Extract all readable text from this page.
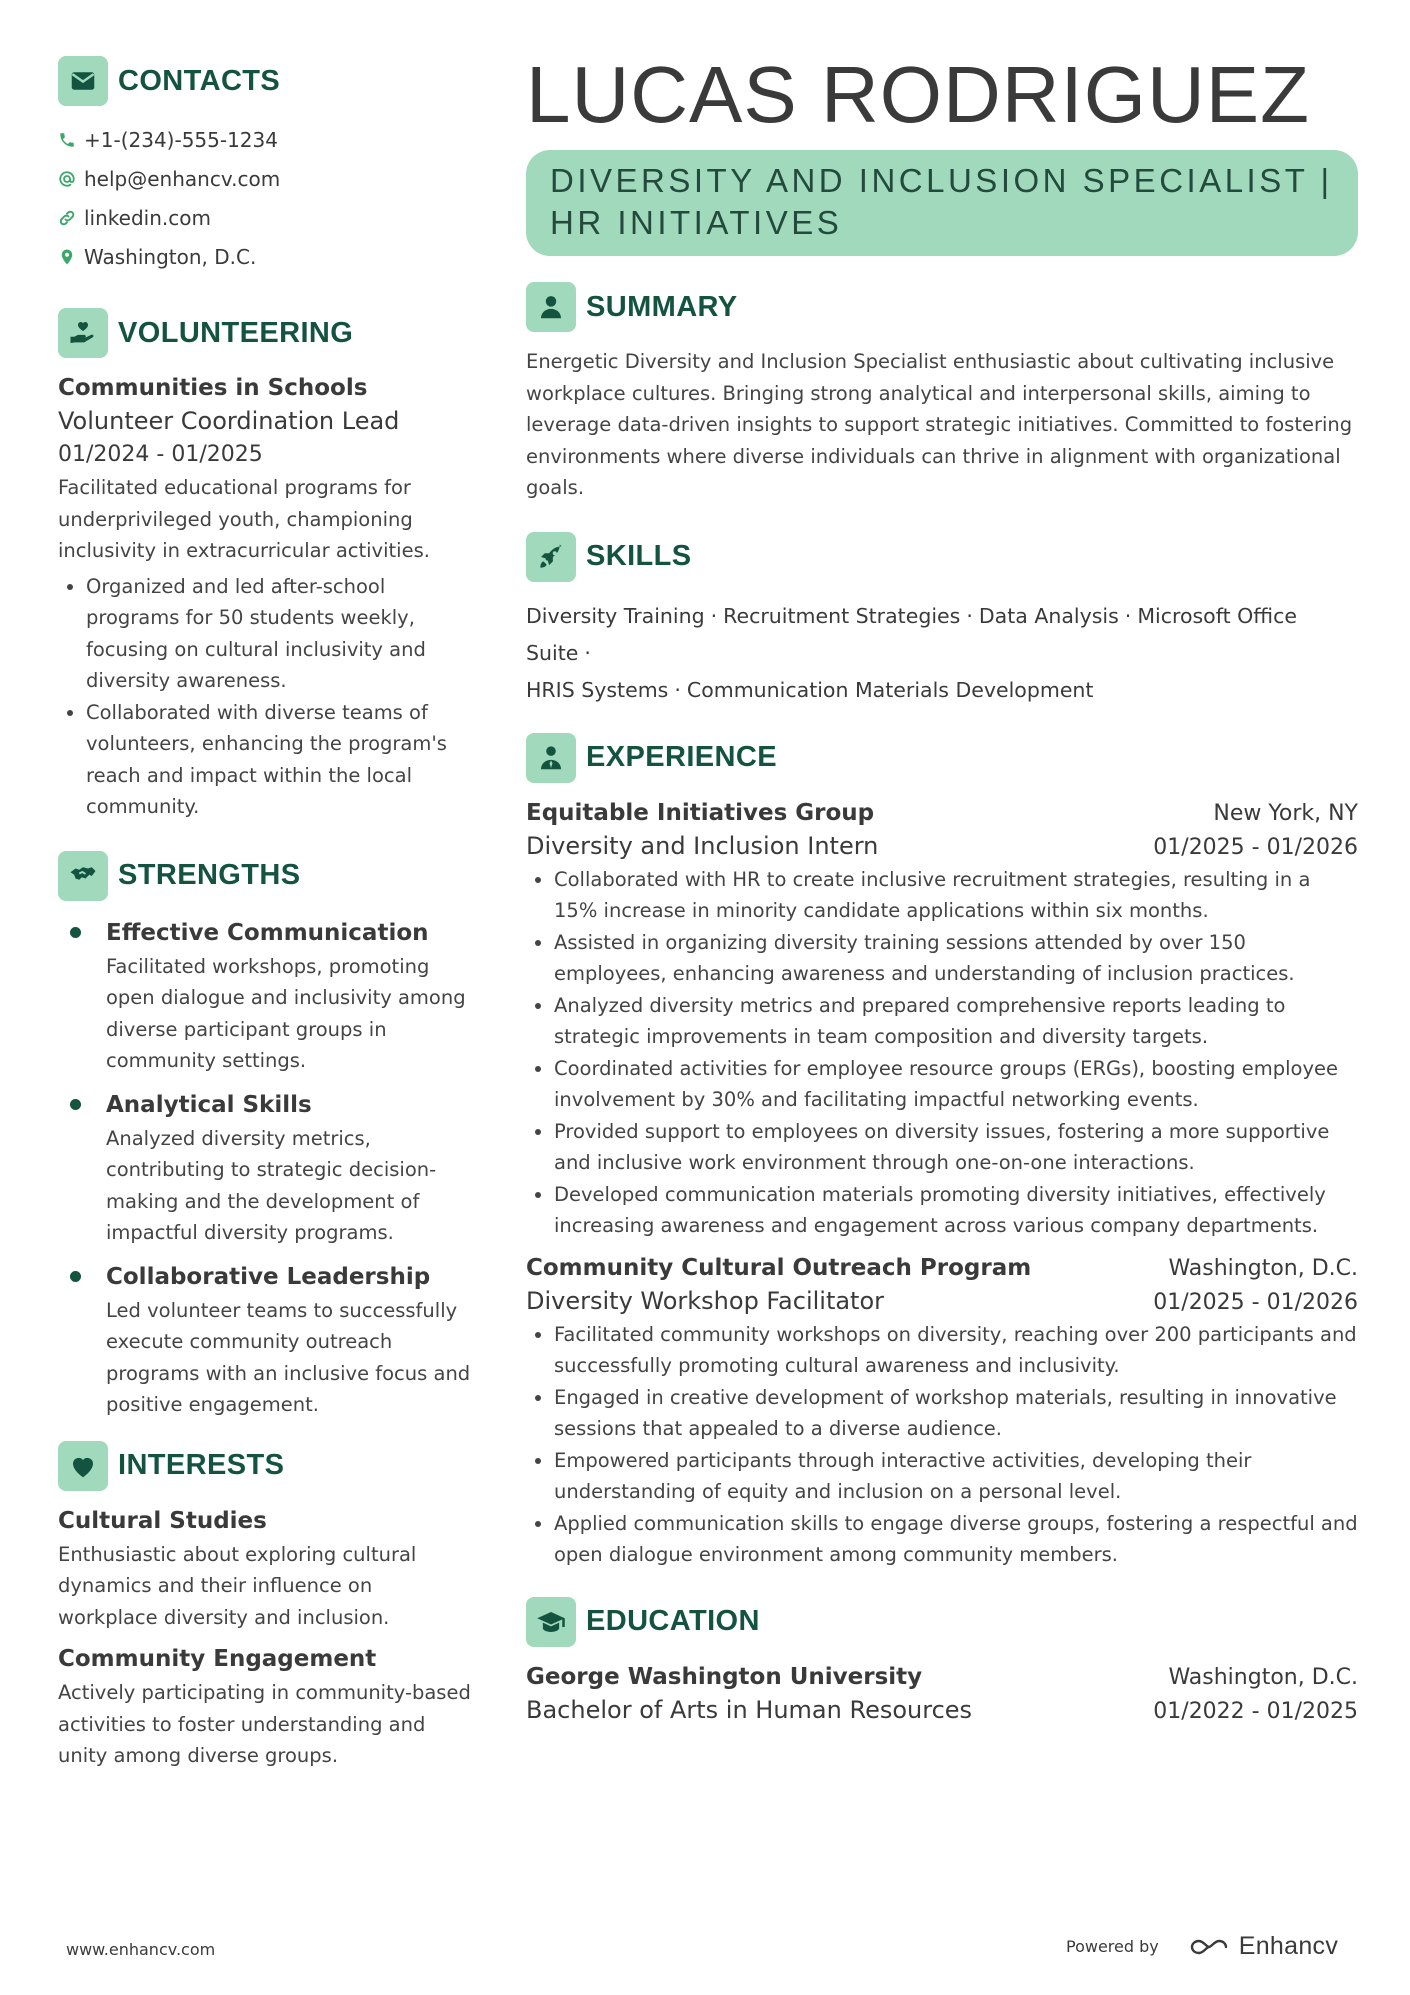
CONTACTS
+1-(234)-555-1234
help@enhancv.com
linkedin.com
Washington, D.C.
VOLUNTEERING
Communities in Schools
Volunteer Coordination Lead
01/2024 - 01/2025
Facilitated educational programs for underprivileged youth, championing inclusivity in extracurricular activities.
Organized and led after-school programs for 50 students weekly, focusing on cultural inclusivity and diversity awareness.
Collaborated with diverse teams of volunteers, enhancing the program's reach and impact within the local community.
STRENGTHS
Effective Communication
Facilitated workshops, promoting open dialogue and inclusivity among diverse participant groups in community settings.
Analytical Skills
Analyzed diversity metrics, contributing to strategic decision-making and the development of impactful diversity programs.
Collaborative Leadership
Led volunteer teams to successfully execute community outreach programs with an inclusive focus and positive engagement.
INTERESTS
Cultural Studies
Enthusiastic about exploring cultural dynamics and their influence on workplace diversity and inclusion.
Community Engagement
Actively participating in community-based activities to foster understanding and unity among diverse groups.
LUCAS RODRIGUEZ
DIVERSITY AND INCLUSION SPECIALIST | HR INITIATIVES
SUMMARY
Energetic Diversity and Inclusion Specialist enthusiastic about cultivating inclusive workplace cultures. Bringing strong analytical and interpersonal skills, aiming to leverage data-driven insights to support strategic initiatives. Committed to fostering environments where diverse individuals can thrive in alignment with organizational goals.
SKILLS
Diversity Training · Recruitment Strategies · Data Analysis · Microsoft Office Suite ·
HRIS Systems · Communication Materials Development
EXPERIENCE
Equitable Initiatives Group	New York, NY
Diversity and Inclusion Intern	01/2025 - 01/2026
Collaborated with HR to create inclusive recruitment strategies, resulting in a 15% increase in minority candidate applications within six months.
Assisted in organizing diversity training sessions attended by over 150 employees, enhancing awareness and understanding of inclusion practices.
Analyzed diversity metrics and prepared comprehensive reports leading to strategic improvements in team composition and diversity targets.
Coordinated activities for employee resource groups (ERGs), boosting employee involvement by 30% and facilitating impactful networking events.
Provided support to employees on diversity issues, fostering a more supportive and inclusive work environment through one-on-one interactions.
Developed communication materials promoting diversity initiatives, effectively increasing awareness and engagement across various company departments.
Community Cultural Outreach Program	Washington, D.C.
Diversity Workshop Facilitator	01/2025 - 01/2026
Facilitated community workshops on diversity, reaching over 200 participants and successfully promoting cultural awareness and inclusivity.
Engaged in creative development of workshop materials, resulting in innovative sessions that appealed to a diverse audience.
Empowered participants through interactive activities, developing their understanding of equity and inclusion on a personal level.
Applied communication skills to engage diverse groups, fostering a respectful and open dialogue environment among community members.
EDUCATION
George Washington University	Washington, D.C.
Bachelor of Arts in Human Resources	01/2022 - 01/2025
www.enhancv.com	Powered by	Enhancv
